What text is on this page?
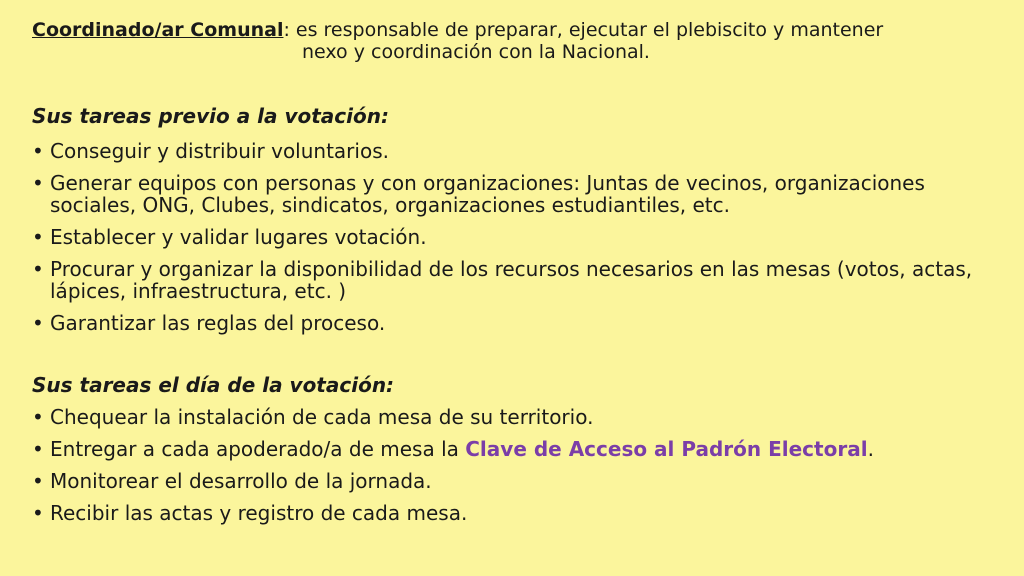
Coordinado/ar Comunal: es responsable de preparar, ejecutar el plebiscito y mantener
nexo y coordinación con la Nacional.
Sus tareas previo a la votación:
• Conseguir y distribuir voluntarios.
• Generar equipos con personas y con organizaciones: Juntas de vecinos, organizaciones sociales, ONG, Clubes, sindicatos, organizaciones estudiantiles, etc.
• Establecer y validar lugares votación.
• Procurar y organizar la disponibilidad de los recursos necesarios en las mesas (votos, actas, lápices, infraestructura, etc. )
• Garantizar las reglas del proceso.
Sus tareas el día de la votación:
• Chequear la instalación de cada mesa de su territorio.
• Entregar a cada apoderado/a de mesa la Clave de Acceso al Padrón Electoral.
• Monitorear el desarrollo de la jornada.
• Recibir las actas y registro de cada mesa.
